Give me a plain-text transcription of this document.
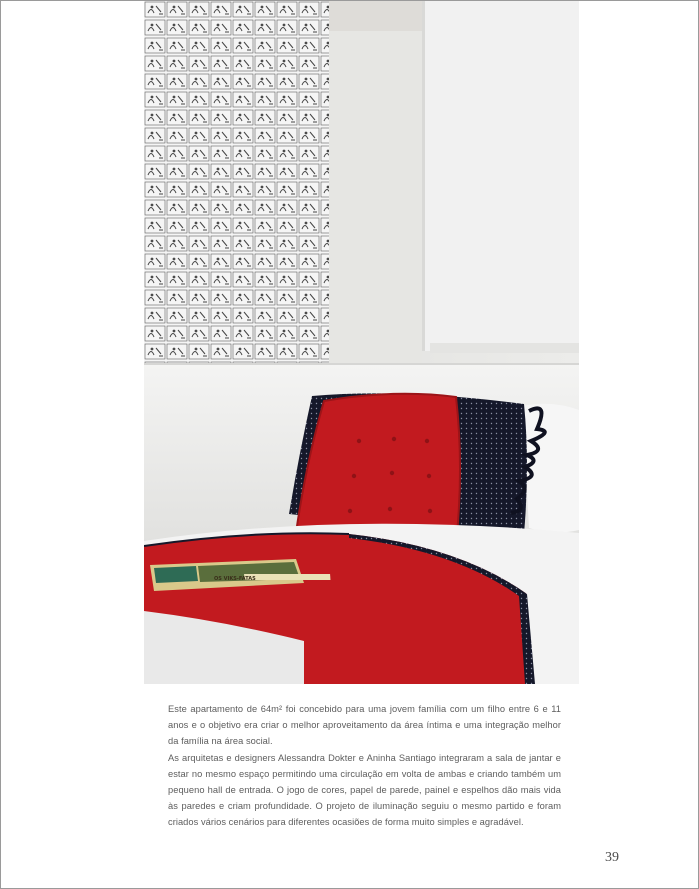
OS VIKS-FATAS

Este apartamento de 64m² foi concebido para uma jovem família com um filho entre 6 e 11 anos e o objetivo era criar o melhor aproveitamento da área íntima e uma integração melhor da família na área social.

As arquitetas e designers Alessandra Dokter e Aninha Santiago integraram a sala de jantar e estar no mesmo espaço permitindo uma circulação em volta de ambas e criando também um pequeno hall de entrada. O jogo de cores, papel de parede, painel e espelhos dão mais vida às paredes e criam profundidade. O projeto de iluminação seguiu o mesmo partido e foram criados vários cenários para diferentes ocasiões de forma muito simples e agradável.

39
